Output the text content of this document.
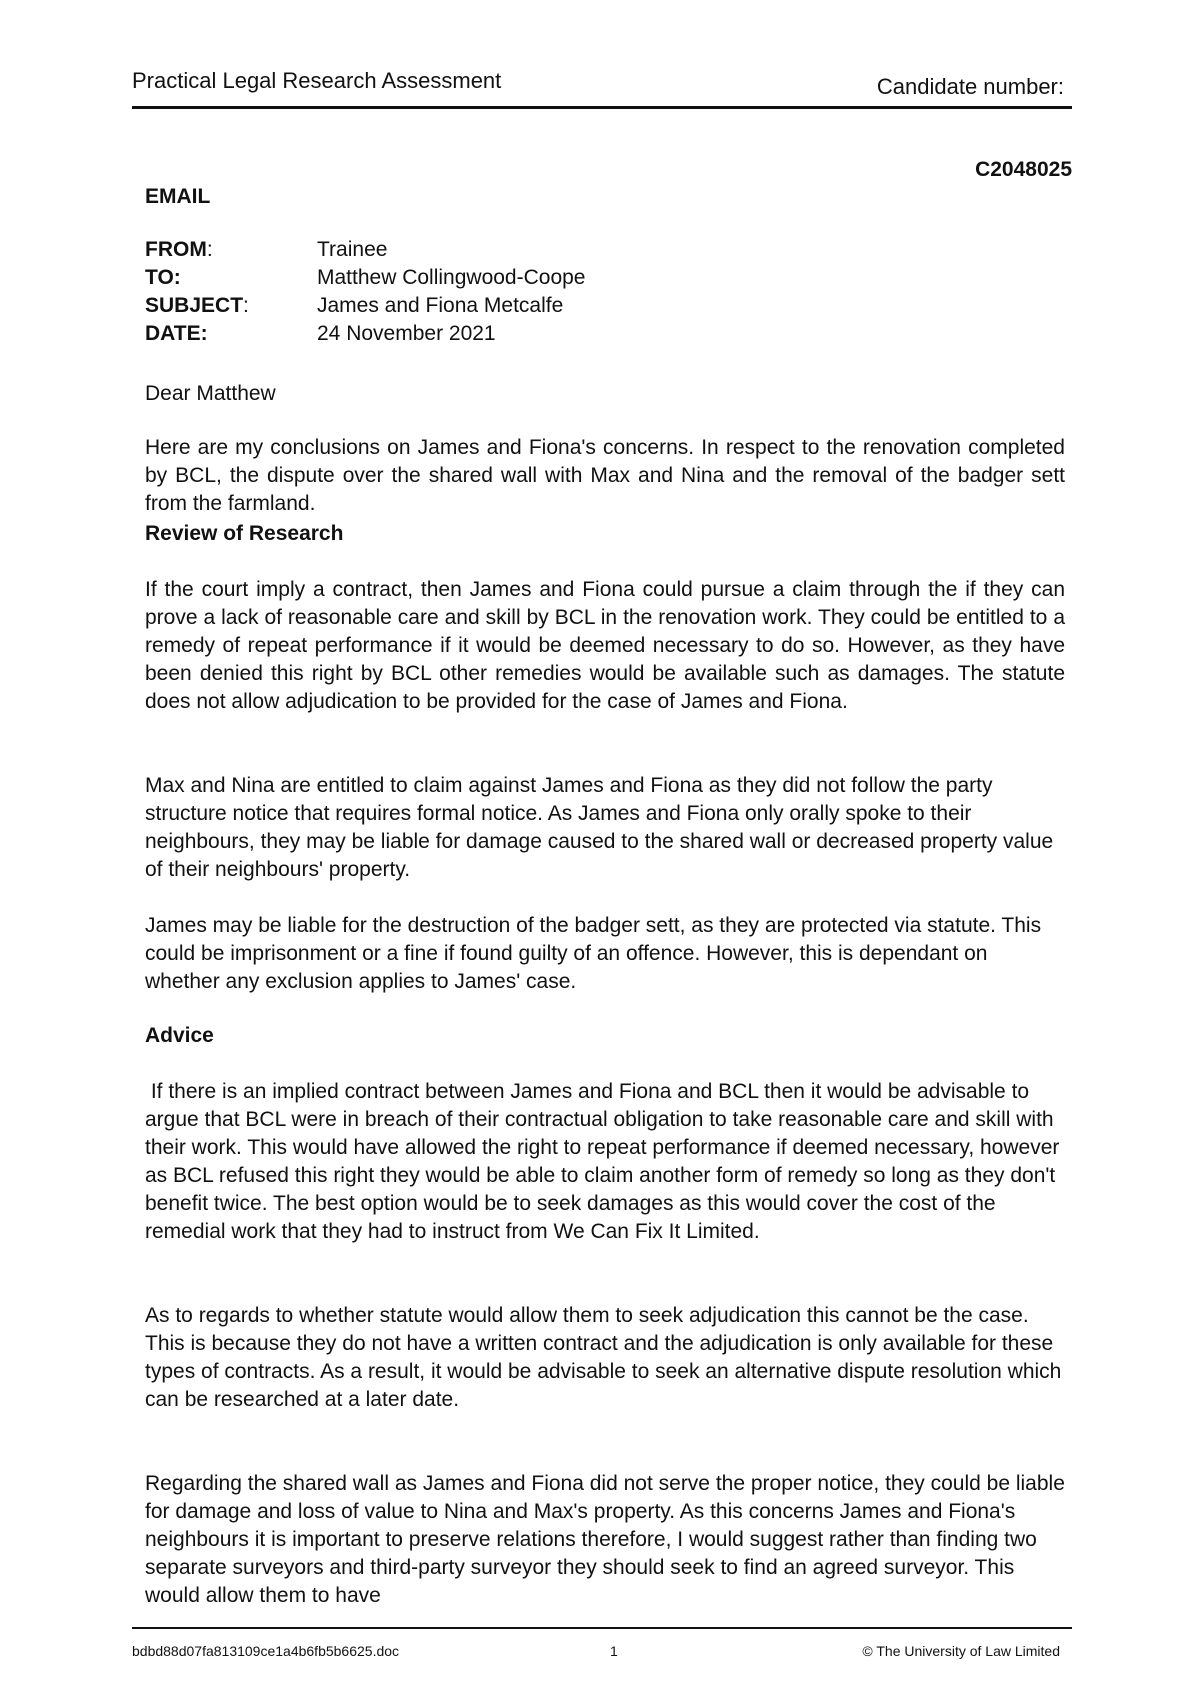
Practical Legal Research Assessment	Candidate number:
C2048025
EMAIL
FROM:	Trainee
TO:	Matthew Collingwood-Coope
SUBJECT:	James and Fiona Metcalfe
DATE:	24 November 2021

Dear Matthew

Here are my conclusions on James and Fiona's concerns. In respect to the renovation completed by BCL, the dispute over the shared wall with Max and Nina and the removal of the badger sett from the farmland.

Review of Research

If the court imply a contract, then James and Fiona could pursue a claim through the if they can prove a lack of reasonable care and skill by BCL in the renovation work. They could be entitled to a remedy of repeat performance if it would be deemed necessary to do so. However, as they have been denied this right by BCL other remedies would be available such as damages. The statute does not allow adjudication to be provided for the case of James and Fiona.

Max and Nina are entitled to claim against James and Fiona as they did not follow the party structure notice that requires formal notice. As James and Fiona only orally spoke to their neighbours, they may be liable for damage caused to the shared wall or decreased property value of their neighbours' property.

James may be liable for the destruction of the badger sett, as they are protected via statute. This could be imprisonment or a fine if found guilty of an offence. However, this is dependant on whether any exclusion applies to James' case.

Advice

If there is an implied contract between James and Fiona and BCL then it would be advisable to argue that BCL were in breach of their contractual obligation to take reasonable care and skill with their work. This would have allowed the right to repeat performance if deemed necessary, however as BCL refused this right they would be able to claim another form of remedy so long as they don't benefit twice. The best option would be to seek damages as this would cover the cost of the remedial work that they had to instruct from We Can Fix It Limited.

As to regards to whether statute would allow them to seek adjudication this cannot be the case. This is because they do not have a written contract and the adjudication is only available for these types of contracts. As a result, it would be advisable to seek an alternative dispute resolution which can be researched at a later date.

Regarding the shared wall as James and Fiona did not serve the proper notice, they could be liable for damage and loss of value to Nina and Max's property. As this concerns James and Fiona's neighbours it is important to preserve relations therefore, I would suggest rather than finding two separate surveyors and third-party surveyor they should seek to find an agreed surveyor. This would allow them to have

bdbd88d07fa813109ce1a4b6fb5b6625.doc	1	© The University of Law Limited
